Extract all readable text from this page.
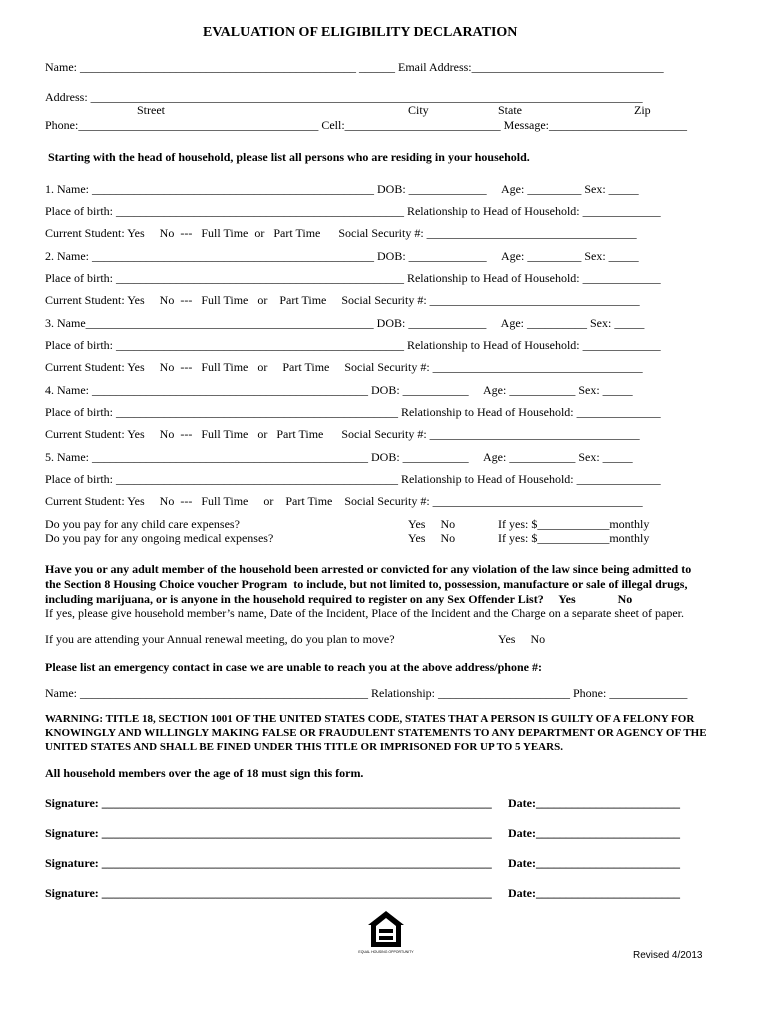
EVALUATION OF ELIGIBILITY DECLARATION
Name: ______________________________________________ ______ Email Address:________________________________
Address: ____________________________________________________________________________________________
Street	City	State	Zip
Phone:________________________________________ Cell:__________________________ Message:_______________________
Starting with the head of household, please list all persons who are residing in your household.
1. Name: _______________________________________________ DOB: _____________     Age: _________ Sex: _____
Place of birth: ________________________________________________ Relationship to Head of Household: _____________
Current Student: Yes     No  ---   Full Time  or   Part Time      Social Security #: ___________________________________
2. Name: _______________________________________________ DOB: _____________     Age: _________ Sex: _____
Place of birth: ________________________________________________ Relationship to Head of Household: _____________
Current Student: Yes     No  ---   Full Time   or    Part Time     Social Security #: ___________________________________
3. Name________________________________________________ DOB: _____________     Age: __________ Sex: _____
Place of birth: ________________________________________________ Relationship to Head of Household: _____________
Current Student: Yes     No  ---   Full Time   or     Part Time     Social Security #: ___________________________________
4. Name: ______________________________________________ DOB: ___________     Age: ___________ Sex: _____
Place of birth: _______________________________________________ Relationship to Head of Household: ______________
Current Student: Yes     No  ---   Full Time   or   Part Time      Social Security #: ___________________________________
5. Name: ______________________________________________ DOB: ___________     Age: ___________ Sex: _____
Place of birth: _______________________________________________ Relationship to Head of Household: ______________
Current Student: Yes     No  ---   Full Time     or    Part Time    Social Security #: ___________________________________
Do you pay for any child care expenses?	Yes     No	If yes: $____________monthly
Do you pay for any ongoing medical expenses?	Yes     No	If yes: $____________monthly
Have you or any adult member of the household been arrested or convicted for any violation of the law since being admitted to
the Section 8 Housing Choice voucher Program  to include, but not limited to, possession, manufacture or sale of illegal drugs,
including marijuana, or is anyone in the household required to register on any Sex Offender List?     Yes              No
If yes, please give household member’s name, Date of the Incident, Place of the Incident and the Charge on a separate sheet of paper.
If you are attending your Annual renewal meeting, do you plan to move?	Yes     No
Please list an emergency contact in case we are unable to reach you at the above address/phone #:
Name: ________________________________________________ Relationship: ______________________ Phone: _____________
WARNING: TITLE 18, SECTION 1001 OF THE UNITED STATES CODE, STATES THAT A PERSON IS GUILTY OF A FELONY FOR
KNOWINGLY AND WILLINGLY MAKING FALSE OR FRAUDULENT STATEMENTS TO ANY DEPARTMENT OR AGENCY OF THE
UNITED STATES AND SHALL BE FINED UNDER THIS TITLE OR IMPRISONED FOR UP TO 5 YEARS.
All household members over the age of 18 must sign this form.
Signature: _________________________________________________________________ Date:________________________
Signature: _________________________________________________________________ Date:________________________
Signature: _________________________________________________________________ Date:________________________
Signature: _________________________________________________________________ Date:________________________
EQUAL HOUSING OPPORTUNITY	Revised 4/2013
